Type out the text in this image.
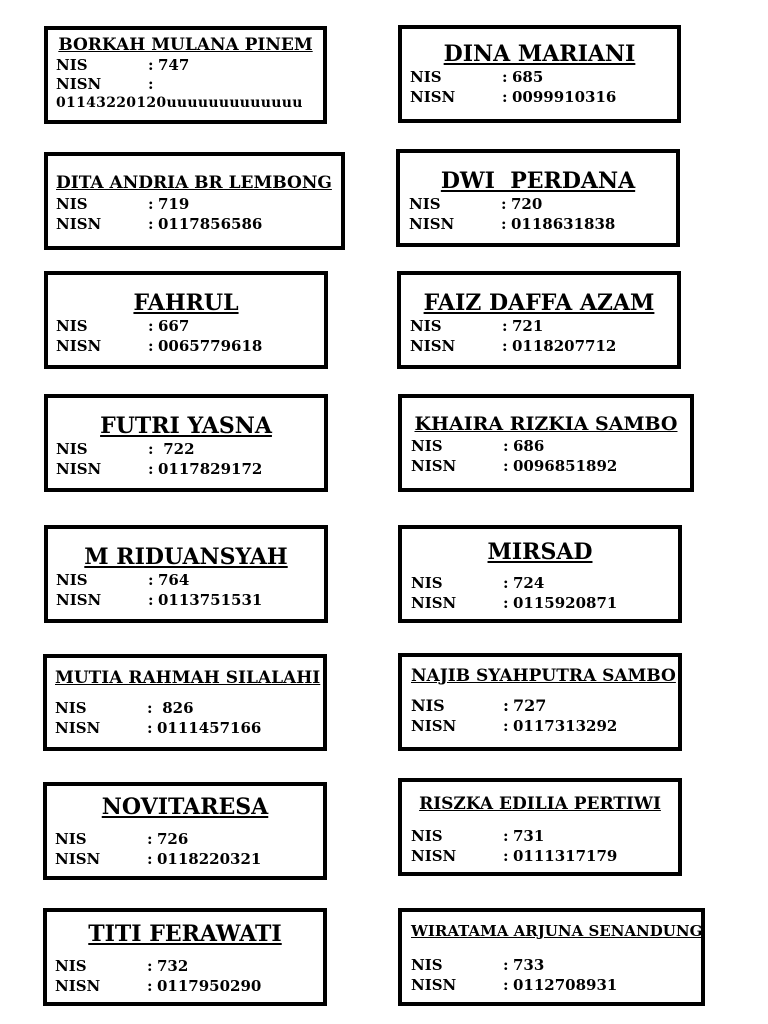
BORKAH MULANA PINEM
NIS	: 747
NISN	:
01143220120uuuuuuuuuuuuu
DINA MARIANI
NIS	: 685
NISN	: 0099910316
DITA ANDRIA BR LEMBONG
NIS	: 719
NISN	: 0117856586
DWI  PERDANA
NIS	: 720
NISN	: 0118631838
FAHRUL
NIS	: 667
NISN	: 0065779618
FAIZ DAFFA AZAM
NIS	: 721
NISN	: 0118207712
FUTRI YASNA
NIS	: 722
NISN	: 0117829172
KHAIRA RIZKIA SAMBO
NIS	: 686
NISN	: 0096851892
M RIDUANSYAH
NIS	: 764
NISN	: 0113751531
MIRSAD
NIS	: 724
NISN	: 0115920871
MUTIA RAHMAH SILALAHI
NIS	: 826
NISN	: 0111457166
NAJIB SYAHPUTRA SAMBO
NIS	: 727
NISN	: 0117313292
NOVITARESA
NIS	: 726
NISN	: 0118220321
RISZKA EDILIA PERTIWI
NIS	: 731
NISN	: 0111317179
TITI FERAWATI
NIS	: 732
NISN	: 0117950290
WIRATAMA ARJUNA SENANDUNG
NIS	: 733
NISN	: 0112708931
